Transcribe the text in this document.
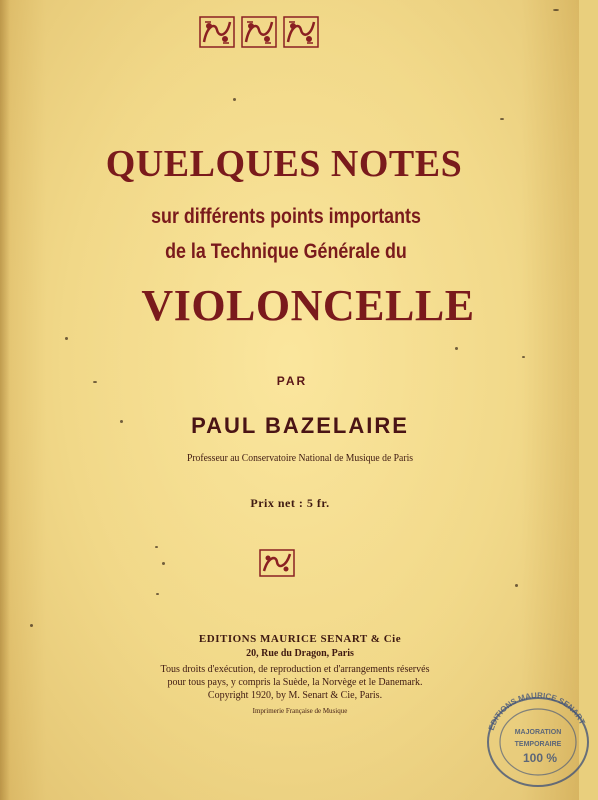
QUELQUES NOTES
sur différents points importants
de la Technique Générale du
VIOLONCELLE
PAR
PAUL BAZELAIRE
Professeur au Conservatoire National de Musique de Paris
Prix net : 5 fr.
EDITIONS MAURICE SENART & Cie
20, Rue du Dragon, Paris
Tous droits d'exécution, de reproduction et d'arrangements réservés
pour tous pays, y compris la Suède, la Norvège et le Danemark.
Copyright 1920, by M. Senart & Cie, Paris.
Imprimerie Française de Musique
EDITIONS MAURICE SENART
MAJORATION
TEMPORAIRE
100 %
